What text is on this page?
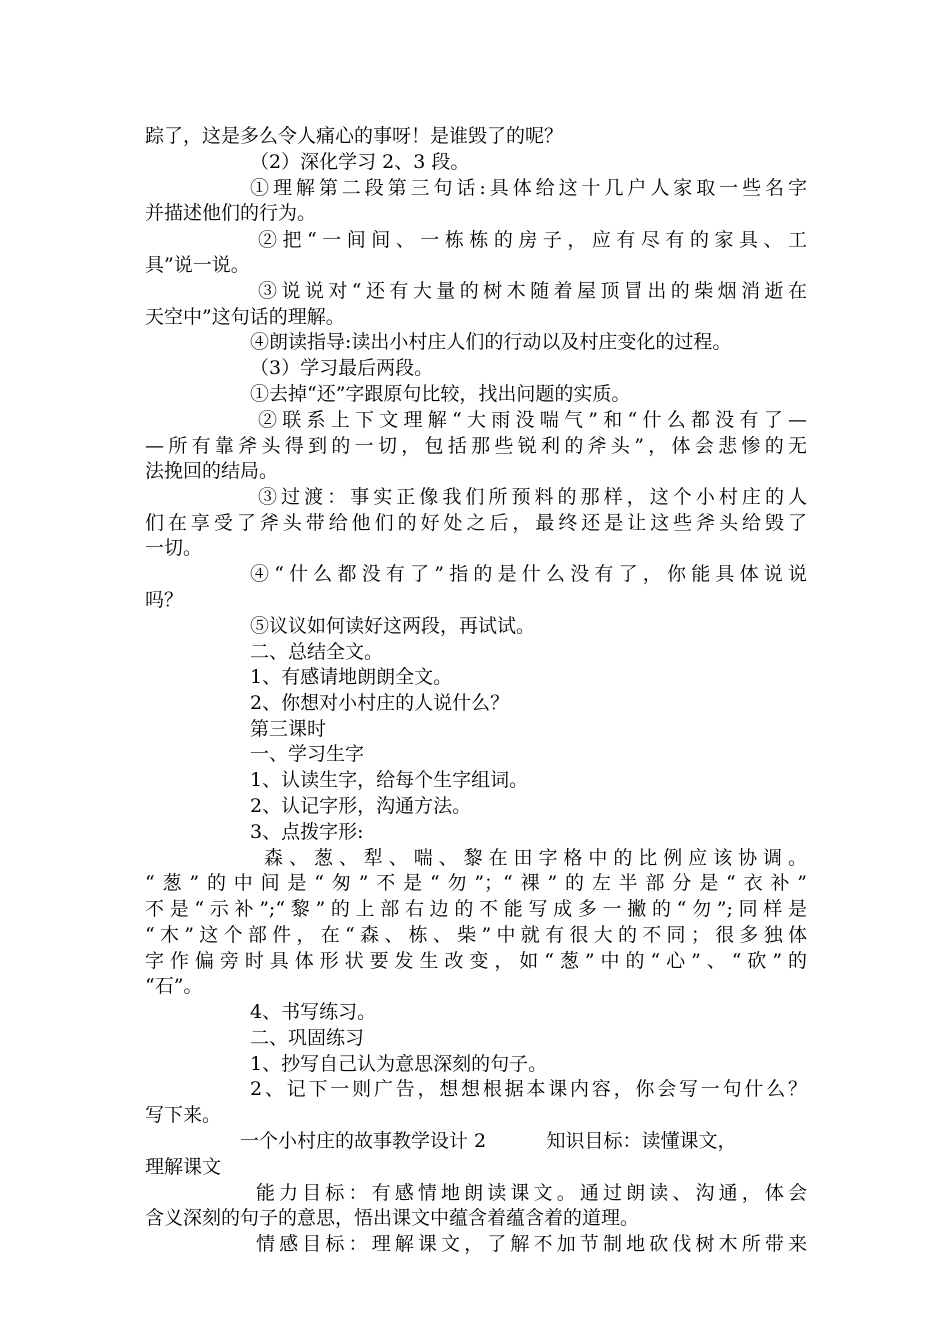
踪了，这是多么令人痛心的事呀！是谁毁了的呢？
（2）深化学习 2、3 段。
①理解第二段第三句话:具体给这十几户人家取一些名字
并描述他们的行为。
②把“一间间、一栋栋的房子，应有尽有的家具、工
具”说一说。
③说说对“还有大量的树木随着屋顶冒出的柴烟消逝在
天空中”这句话的理解。
④朗读指导:读出小村庄人们的行动以及村庄变化的过程。
（3）学习最后两段。
①去掉“还”字跟原句比较，找出问题的实质。
②联系上下文理解“大雨没喘气”和“什么都没有了—
—所有靠斧头得到的一切，包括那些锐利的斧头”，体会悲惨的无
法挽回的结局。
③过渡：事实正像我们所预料的那样，这个小村庄的人
们在享受了斧头带给他们的好处之后，最终还是让这些斧头给毁了
一切。
④“什么都没有了”指的是什么没有了，你能具体说说
吗？
⑤议议如何读好这两段，再试试。
二、总结全文。
1、有感请地朗朗全文。
2、你想对小村庄的人说什么？
第三课时
一、学习生字
1、认读生字，给每个生字组词。
2、认记字形，沟通方法。
3、点拨字形:
森、葱、犁、喘、黎在田字格中的比例应该协调。
“葱”的中间是“匆”不是“勿”；“裸”的左半部分是“衣补”
不是“示补”;“黎”的上部右边的不能写成多一撇的“勿”;同样是
“木”这个部件，在“森、栋、柴”中就有很大的不同；很多独体
字作偏旁时具体形状要发生改变，如“葱”中的“心”、“砍”的
“石”。
4、书写练习。
二、巩固练习
1、抄写自己认为意思深刻的句子。
2、记下一则广告，想想根据本课内容，你会写一句什么？
写下来。
一个小村庄的故事教学设计 2          知识目标：读懂课文，
理解课文
能力目标：有感情地朗读课文。通过朗读、沟通，体会
含义深刻的句子的意思，悟出课文中蕴含着蕴含着的道理。
情感目标：理解课文，了解不加节制地砍伐树木所带来
